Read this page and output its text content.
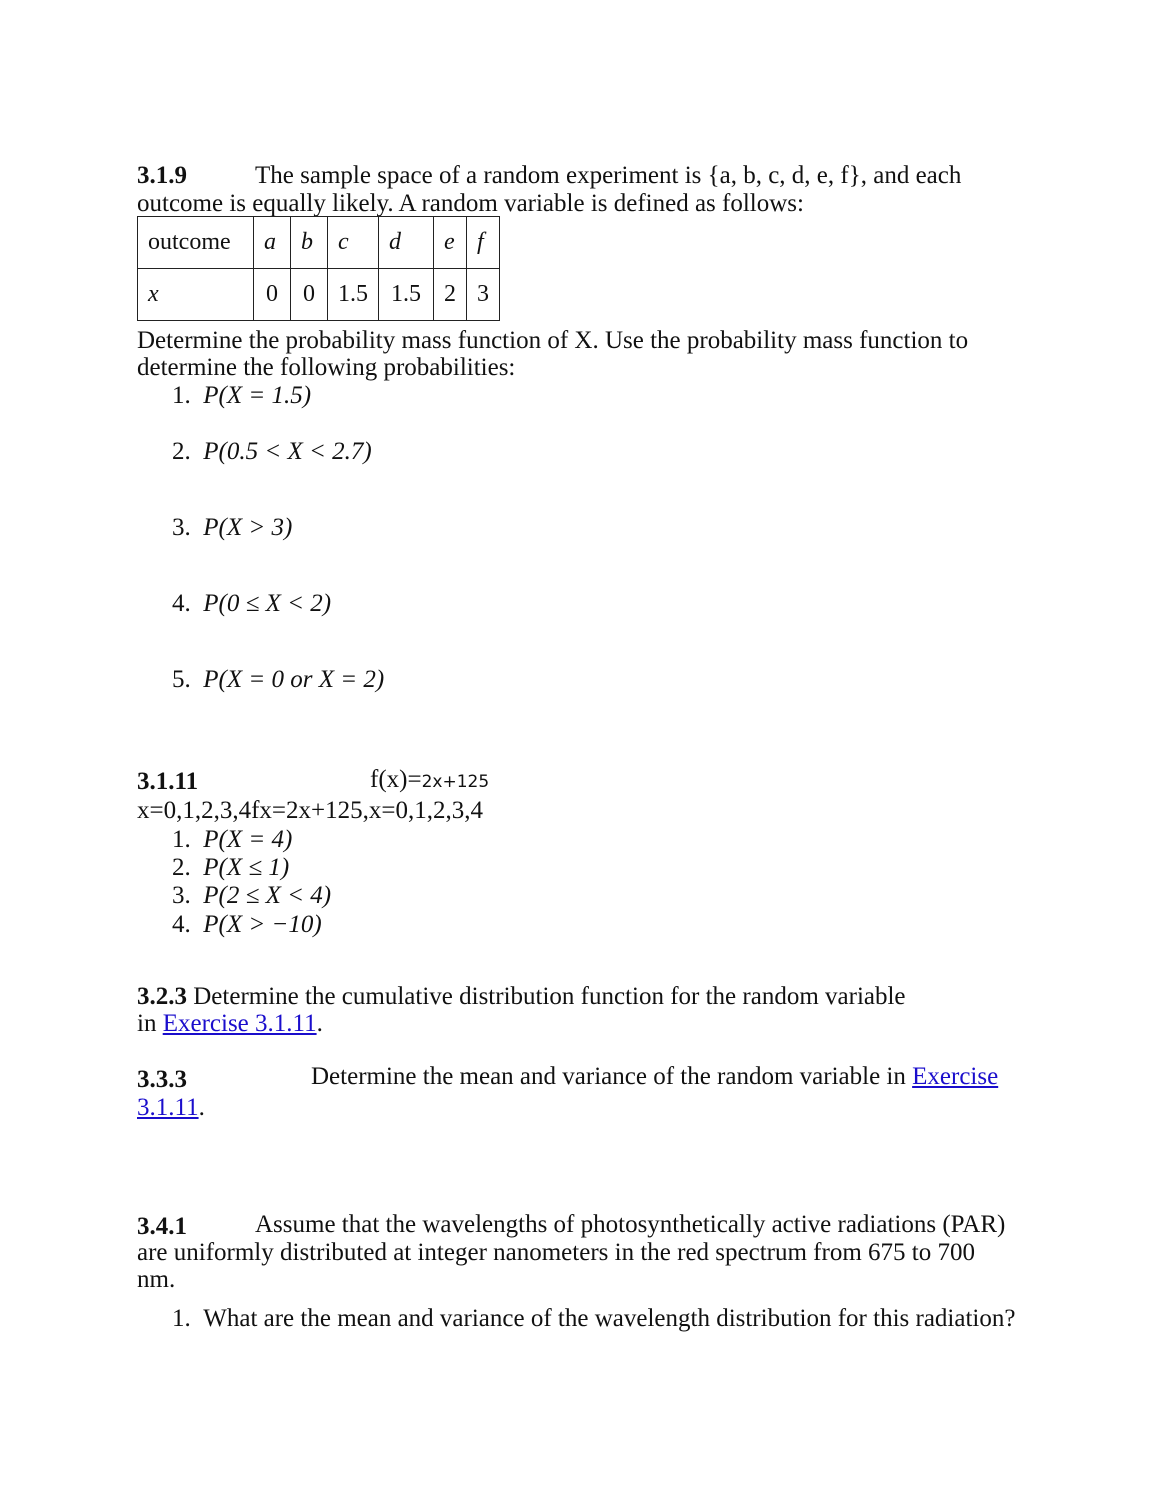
3.1.9	The sample space of a random experiment is {a, b, c, d, e, f}, and each
outcome is equally likely. A random variable is defined as follows:
outcome	a	b	c	d	e	f
x	0	0	1.5	1.5	2	3
Determine the probability mass function of X. Use the probability mass function to
determine the following probabilities:
1.  P(X = 1.5)
2.  P(0.5 < X < 2.7)
3.  P(X > 3)
4.  P(0 ≤ X < 2)
5.  P(X = 0 or X = 2)
3.1.11	f(x)=2x+125
x=0,1,2,3,4fx=2x+125,x=0,1,2,3,4
1.  P(X = 4)
2.  P(X ≤ 1)
3.  P(2 ≤ X < 4)
4.  P(X > −10)
3.2.3 Determine the cumulative distribution function for the random variable
in Exercise 3.1.11.
3.3.3	Determine the mean and variance of the random variable in Exercise
3.1.11.
3.4.1	Assume that the wavelengths of photosynthetically active radiations (PAR)
are uniformly distributed at integer nanometers in the red spectrum from 675 to 700
nm.
1.  What are the mean and variance of the wavelength distribution for this radiation?
